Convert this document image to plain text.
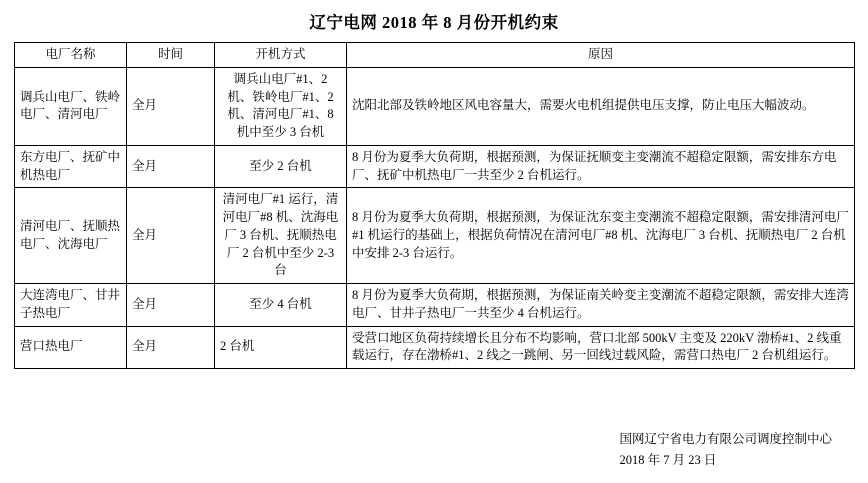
辽宁电网 2018 年 8 月份开机约束
电厂名称	时间	开机方式	原因
调兵山电厂、铁岭电厂、清河电厂	全月	调兵山电厂#1、2 机、铁岭电厂#1、2 机、清河电厂#1、8 机中至少 3 台机	沈阳北部及铁岭地区风电容量大，需要火电机组提供电压支撑，防止电压大幅波动。
东方电厂、抚矿中机热电厂	全月	至少 2 台机	8 月份为夏季大负荷期，根据预测，为保证抚顺变主变潮流不超稳定限额，需安排东方电厂、抚矿中机热电厂一共至少 2 台机运行。
清河电厂、抚顺热电厂、沈海电厂	全月	清河电厂#1 运行，清河电厂#8 机、沈海电厂 3 台机、抚顺热电厂 2 台机中至少 2-3 台	8 月份为夏季大负荷期，根据预测，为保证沈东变主变潮流不超稳定限额，需安排清河电厂#1 机运行的基础上，根据负荷情况在清河电厂#8 机、沈海电厂 3 台机、抚顺热电厂 2 台机中安排 2-3 台运行。
大连湾电厂、甘井子热电厂	全月	至少 4 台机	8 月份为夏季大负荷期，根据预测，为保证南关岭变主变潮流不超稳定限额，需安排大连湾电厂、甘井子热电厂一共至少 4 台机运行。
营口热电厂	全月	2 台机	受营口地区负荷持续增长且分布不均影响，营口北部 500kV 主变及 220kV 渤桥#1、2 线重载运行，存在渤桥#1、2 线之一跳闸、另一回线过载风险，需营口热电厂 2 台机组运行。
国网辽宁省电力有限公司调度控制中心
2018 年 7 月 23 日
